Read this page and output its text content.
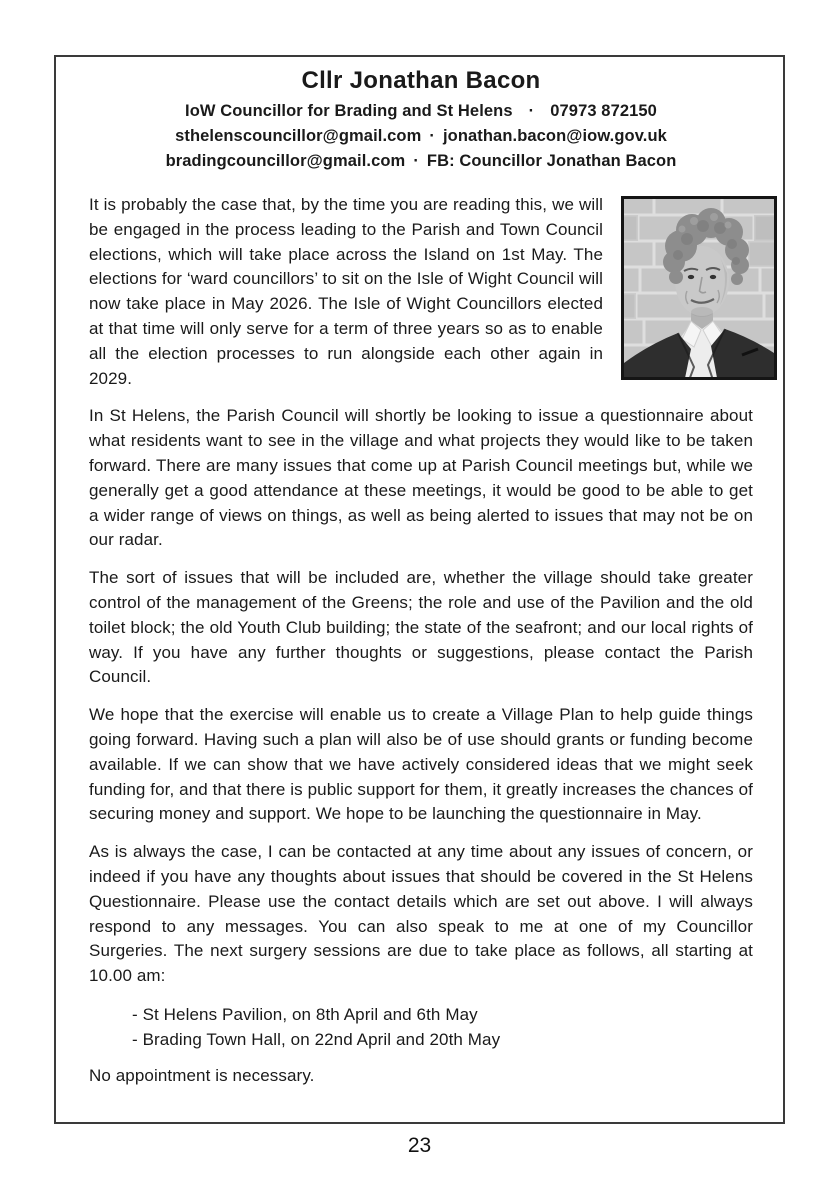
Cllr Jonathan Bacon
IoW Councillor for Brading and St Helens · 07973 872150
sthelenscouncillor@gmail.com · jonathan.bacon@iow.gov.uk
bradingcouncillor@gmail.com · FB: Councillor Jonathan Bacon

It is probably the case that, by the time you are reading this, we will be engaged in the process leading to the Parish and Town Council elections, which will take place across the Island on 1st May. The elections for ‘ward councillors’ to sit on the Isle of Wight Council will now take place in May 2026. The Isle of Wight Councillors elected at that time will only serve for a term of three years so as to enable all the election processes to run alongside each other again in 2029.

In St Helens, the Parish Council will shortly be looking to issue a questionnaire about what residents want to see in the village and what projects they would like to be taken forward. There are many issues that come up at Parish Council meetings but, while we generally get a good attendance at these meetings, it would be good to be able to get a wider range of views on things, as well as being alerted to issues that may not be on our radar.

The sort of issues that will be included are, whether the village should take greater control of the management of the Greens; the role and use of the Pavilion and the old toilet block; the old Youth Club building; the state of the seafront; and our local rights of way. If you have any further thoughts or suggestions, please contact the Parish Council.

We hope that the exercise will enable us to create a Village Plan to help guide things going forward. Having such a plan will also be of use should grants or funding become available. If we can show that we have actively considered ideas that we might seek funding for, and that there is public support for them, it greatly increases the chances of securing money and support. We hope to be launching the questionnaire in May.

As is always the case, I can be contacted at any time about any issues of concern, or indeed if you have any thoughts about issues that should be covered in the St Helens Questionnaire. Please use the contact details which are set out above. I will always respond to any messages. You can also speak to me at one of my Councillor Surgeries. The next surgery sessions are due to take place as follows, all starting at 10.00 am:

- St Helens Pavilion, on 8th April and 6th May
- Brading Town Hall, on 22nd April and 20th May

No appointment is necessary.

23
